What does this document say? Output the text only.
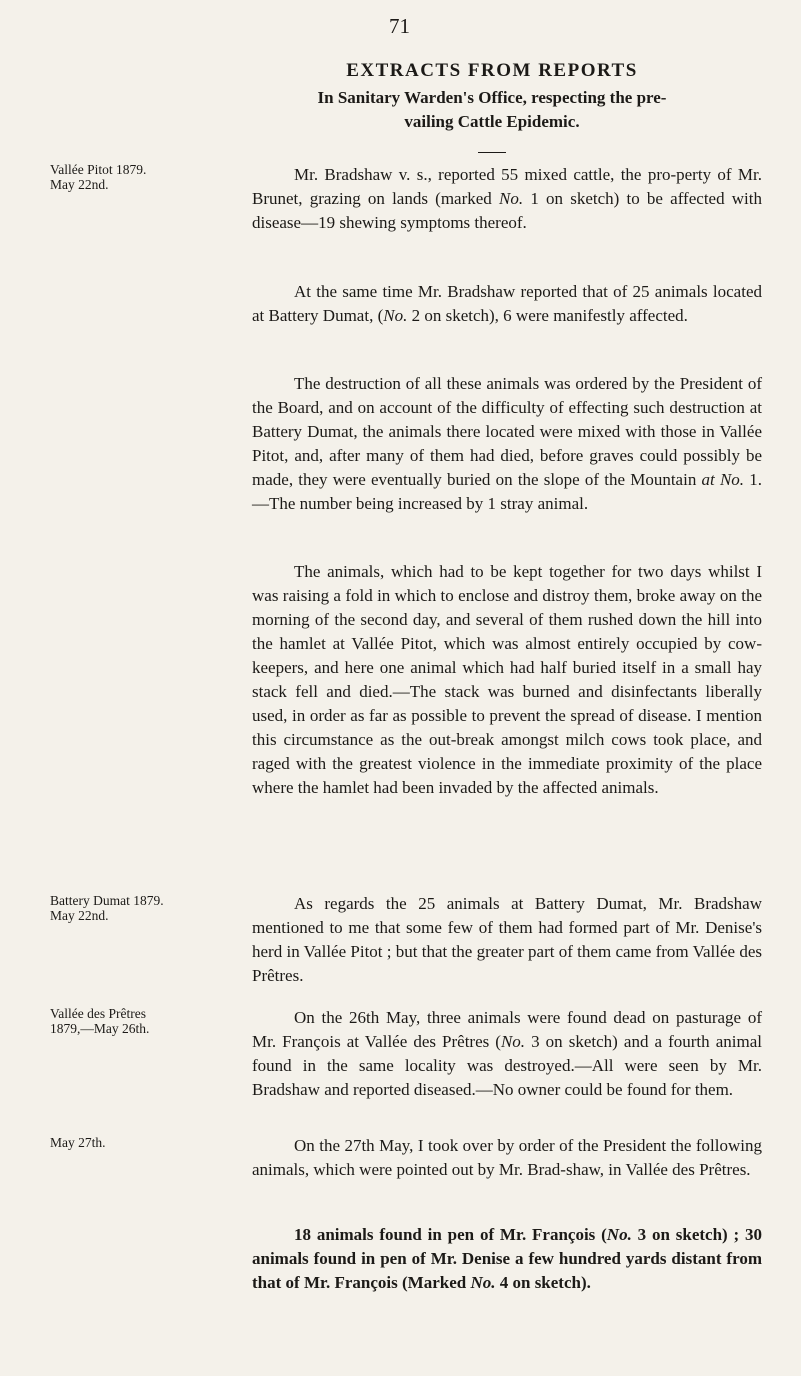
71
EXTRACTS FROM REPORTS
In Sanitary Warden's Office, respecting the pre-
vailing Cattle Epidemic.
Vallée Pitot 1879.
May 22nd.
Battery Dumat 1879.
May 22nd.
Vallée des Prêtres
1879,—May 26th.
May 27th.

Mr. Bradshaw v. s., reported 55 mixed cattle, the pro-perty of Mr. Brunet, grazing on lands (marked No. 1 on sketch) to be affected with disease—19 shewing symptoms thereof.

At the same time Mr. Bradshaw reported that of 25 animals located at Battery Dumat, (No. 2 on sketch), 6 were manifestly affected.

The destruction of all these animals was ordered by the President of the Board, and on account of the difficulty of effecting such destruction at Battery Dumat, the animals there located were mixed with those in Vallée Pitot, and, after many of them had died, before graves could possibly be made, they were eventually buried on the slope of the Mountain at No. 1.—The number being increased by 1 stray animal.

The animals, which had to be kept together for two days whilst I was raising a fold in which to enclose and distroy them, broke away on the morning of the second day, and several of them rushed down the hill into the hamlet at Vallée Pitot, which was almost entirely occupied by cow-keepers, and here one animal which had half buried itself in a small hay stack fell and died.—The stack was burned and disinfectants liberally used, in order as far as possible to prevent the spread of disease. I mention this circumstance as the out-break amongst milch cows took place, and raged with the greatest violence in the immediate proximity of the place where the hamlet had been invaded by the affected animals.

As regards the 25 animals at Battery Dumat, Mr. Bradshaw mentioned to me that some few of them had formed part of Mr. Denise's herd in Vallée Pitot ; but that the greater part of them came from Vallée des Prêtres.

On the 26th May, three animals were found dead on pasturage of Mr. François at Vallée des Prêtres (No. 3 on sketch) and a fourth animal found in the same locality was destroyed.—All were seen by Mr. Bradshaw and reported diseased.—No owner could be found for them.

On the 27th May, I took over by order of the President the following animals, which were pointed out by Mr. Brad-shaw, in Vallée des Prêtres.

18 animals found in pen of Mr. François (No. 3 on sketch) ; 30 animals found in pen of Mr. Denise a few hundred yards distant from that of Mr. François (Marked No. 4 on sketch).
